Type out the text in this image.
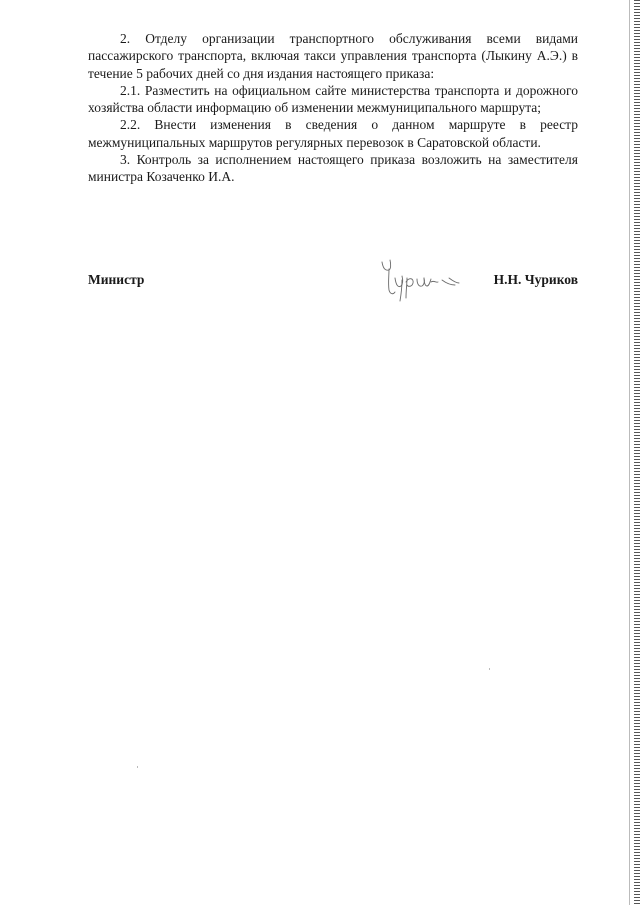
2. Отделу организации транспортного обслуживания всеми видами пассажирского транспорта, включая такси управления транспорта (Лыкину А.Э.) в течение 5 рабочих дней со дня издания настоящего приказа:

2.1. Разместить на официальном сайте министерства транспорта и дорожного хозяйства области информацию об изменении межмуниципального маршрута;

2.2. Внести изменения в сведения о данном маршруте в реестр межмуниципальных маршрутов регулярных перевозок в Саратовской области.

3. Контроль за исполнением настоящего приказа возложить на заместителя министра Козаченко И.А.

Министр	Н.Н. Чуриков
